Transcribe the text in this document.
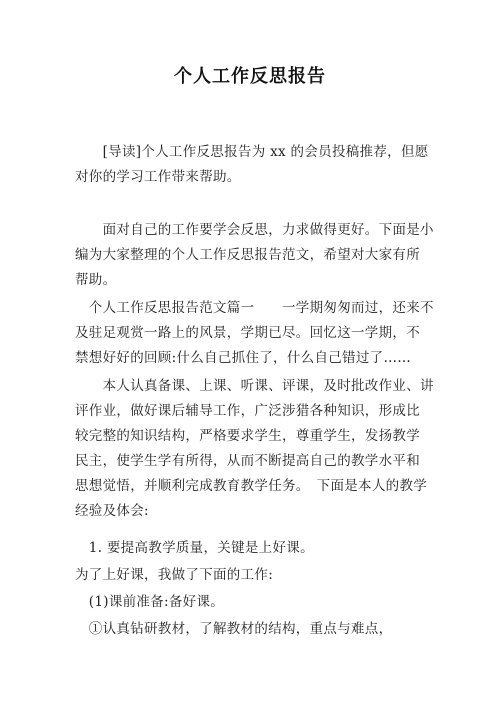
个人工作反思报告
　　[导读]个人工作反思报告为 xx 的会员投稿推荐，但愿
对你的学习工作带来帮助。
　　面对自己的工作要学会反思，力求做得更好。下面是小
编为大家整理的个人工作反思报告范文，希望对大家有所
帮助。
　个人工作反思报告范文篇一　　一学期匆匆而过，还来不
及驻足观赏一路上的风景，学期已尽。回忆这一学期，不
禁想好好的回顾:什么自己抓住了，什么自己错过了……
　　本人认真备课、上课、听课、评课，及时批改作业、讲
评作业，做好课后辅导工作，广泛涉猎各种知识，形成比
较完整的知识结构，严格要求学生，尊重学生，发扬教学
民主，使学生学有所得，从而不断提高自己的教学水平和
思想觉悟，并顺利完成教育教学任务。　下面是本人的教学
经验及体会:
　1. 要提高教学质量，关键是上好课。
为了上好课，我做了下面的工作:
　(1)课前准备:备好课。
　①认真钻研教材，了解教材的结构，重点与难点，
